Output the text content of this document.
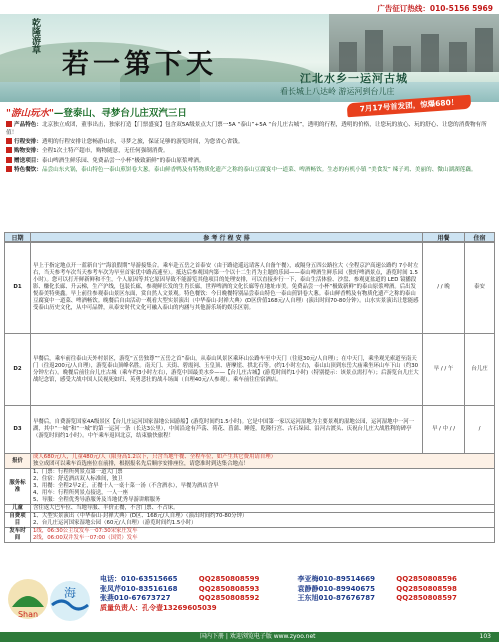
广告征订热线：010-5156 5969
乾隆游草
若一第下天	江北水乡一运河古城
看长城上八达岭 游运河到台儿庄
"游山玩水"—登泰山、寻梦台儿庄双汽三日
7月17号首发团，惊爆680！

产品特色：北京独立成团，董事出击，独家打造【门票盛宴】包含双5A级景点大门票一5A “泰山”+5A “台儿庄古城”，透明的行程，透明的价格，让您玩的放心、玩的舒心、让您的消费物有所值！

行程安排：透明的行程安排让您畅游山水，寻梦之旅，保证足够的游览时间，为您省心省钱。

购物安排：全程1次土特产超市，购物随意，无任何强制消费。

赠送项目：泰山啤酒生鲜乐园、免费品尝一小杯“极致新鲜”的泰山原浆啤酒。

特色餐饮：品尝山东火锅，泰山特色一泰山煎饼卷大葱。泰山鲜香鸭及有特物质化遗产之称的泰山豆腐宴中一道菜、啤酒畅饮。生态的有机小镇 “美食发” 辣子鸡、美丽的、微山湖湖莲藕。

日期	参 考 行 程 安 排	用餐	住宿
D1	早上于指定地点开一蓝新自宁“海浪假期”导游接集合。乘车赴五岳之首泰安（由于路途遥远请客人自备午餐），或隔身五四公路拉大（全程京沪高速公路约 7小时左右，当天参考车次当天参考车次为早至首家优中路高速至）。抵达后参观国内第一个以十二生肖为主题的乐园——泰山啤酒生鲜乐园（独好啤酒景点，游览时间 1.5小时）。您可以打开鲜新鲜和不生，个人原因等其它原因导致不能游览其他项目的处理安排，可以直接步行一下，泰山生活体验、沙盘、参观更盆道的 LED 镜播段影、赚化长廊、升云梯，生产沪线，包装长廊，参观鲜长发的生肖长廊，世界啤酒的文化长廊等在地址市美。免费品尝一小杯“极致新鲜”的泰山原浆啤酒。后出发悦泰美特奥鑫。早上前往参观泰山景区东面，赏自然人文景观。特色餐饮：今日晚餐特别品尝泰山特色一泰山煎饼卷大葱。泰山鲜香鸭及有物质化遗产之称的泰山豆腐宴中一道菜、啤酒畅饮。晚餐后自由活动一观看大型实景演出（中华泰山·封禅大典）(D区价值168元/人自理）(演出时间70-80分钟）。山水实景演出让您能感受泰山历史文化，从中可品牌，从泰安时代文化可融入泰山的内涵与其他游乐场的娱乐区别。	/ / 晚	泰安
D2	早餐后，乘车前往泰山天外村景区，游览“五岳独尊”“五岳之首”泰山，从泰山风景区乘环山公路车至中天门（往返30元/人自理）；在中天门，乘坐观光索道至南天门（往返200元/人自理），游览泰山顶峰名胜。南天门、天街、碧霞祠、玉皇顶、唐摩崖、拱北石等。(约1小时左右)，泰山山顶到东岳大庙乘坐环山车下山（约30分钟左右）。晚餐后前往台儿庄古城（乘车约3小时左右），游览中国最美水乡——【台儿庄古城】(游览时间约1小时)（特别提示：该景点需打车）；后游览台儿庄大战纪念馆，感受大战中国人民视死如归、英勇悲壮的战斗场面（自理40元/人参观）。乘车前往住宿酒店。	早 / / 午	台儿庄
D3	早餐后，自费游览国家4A级景区【台儿庄运河国家湿地公园游船】(游览时间约1.5小时)。它是中国第一家以运河湿地为主要景观的湿地公园，运河湿地中一河一湖，其中“一城”和“一城”的第一运河一条（长达3公里），中间沿途有芦荡、荷花、菖蒲、睡莲，乾隆行宫、古石垛园、沿河古渡头、庆祝台儿庄大战胜利的碑亭（游览时间约1小时）。中午乘车返回北京，结束愉快旅程！	早 / 中 / /	/
报价	成人680元/人，儿童480元/人（限身高1.2以下，只含当地午餐、全程车位，如产生其它费用请自理）
独立成团可以乘车首选座位在前排，根据报名先后顺序安排座位，请您准时到达集合地点！		

服务标准	1、门票：行程所列景点第一道大门票
2、住宿：舒适酒店双人标准间，独卫
3、用餐：全程2早2正，正餐十人一桌十菜一汤（不含酒水），早餐为酒店含早
4、用车：行程所列景点接送，一人一座
5、导服：全程优秀导游服务及当地优秀导游讲解服务		

儿童	含往返大巴车位、当地导服、半价正餐，不含门票、不占床。		
自费项目	1、大型实景演出（中华泰山·封禅大典）(D区、168元/人自理）（演出时间约70-80分钟）
2、台儿庄运河国家湿地公园（60元/人自理）（游览时间约1.5小时）		

发车时间	1线，06:30公主坟发车一07:30宋家庄发车
2线，06:00双井发车一07:00（国贸）发车		
Shan
海
电话：010-63515665	QQ2850808599	李亚梅010-89514669	QQ2850808596
张凤芹010-83516168	QQ2850808593	袁静静010-89940675	QQ2850808598
张燕010-67673727	QQ2850808592	王东旭010-87676787	QQ2850808597
质量负责人：孔令壹13269605039
国内下册 | 欢迎浏览电子版 www.zyoo.net	103
